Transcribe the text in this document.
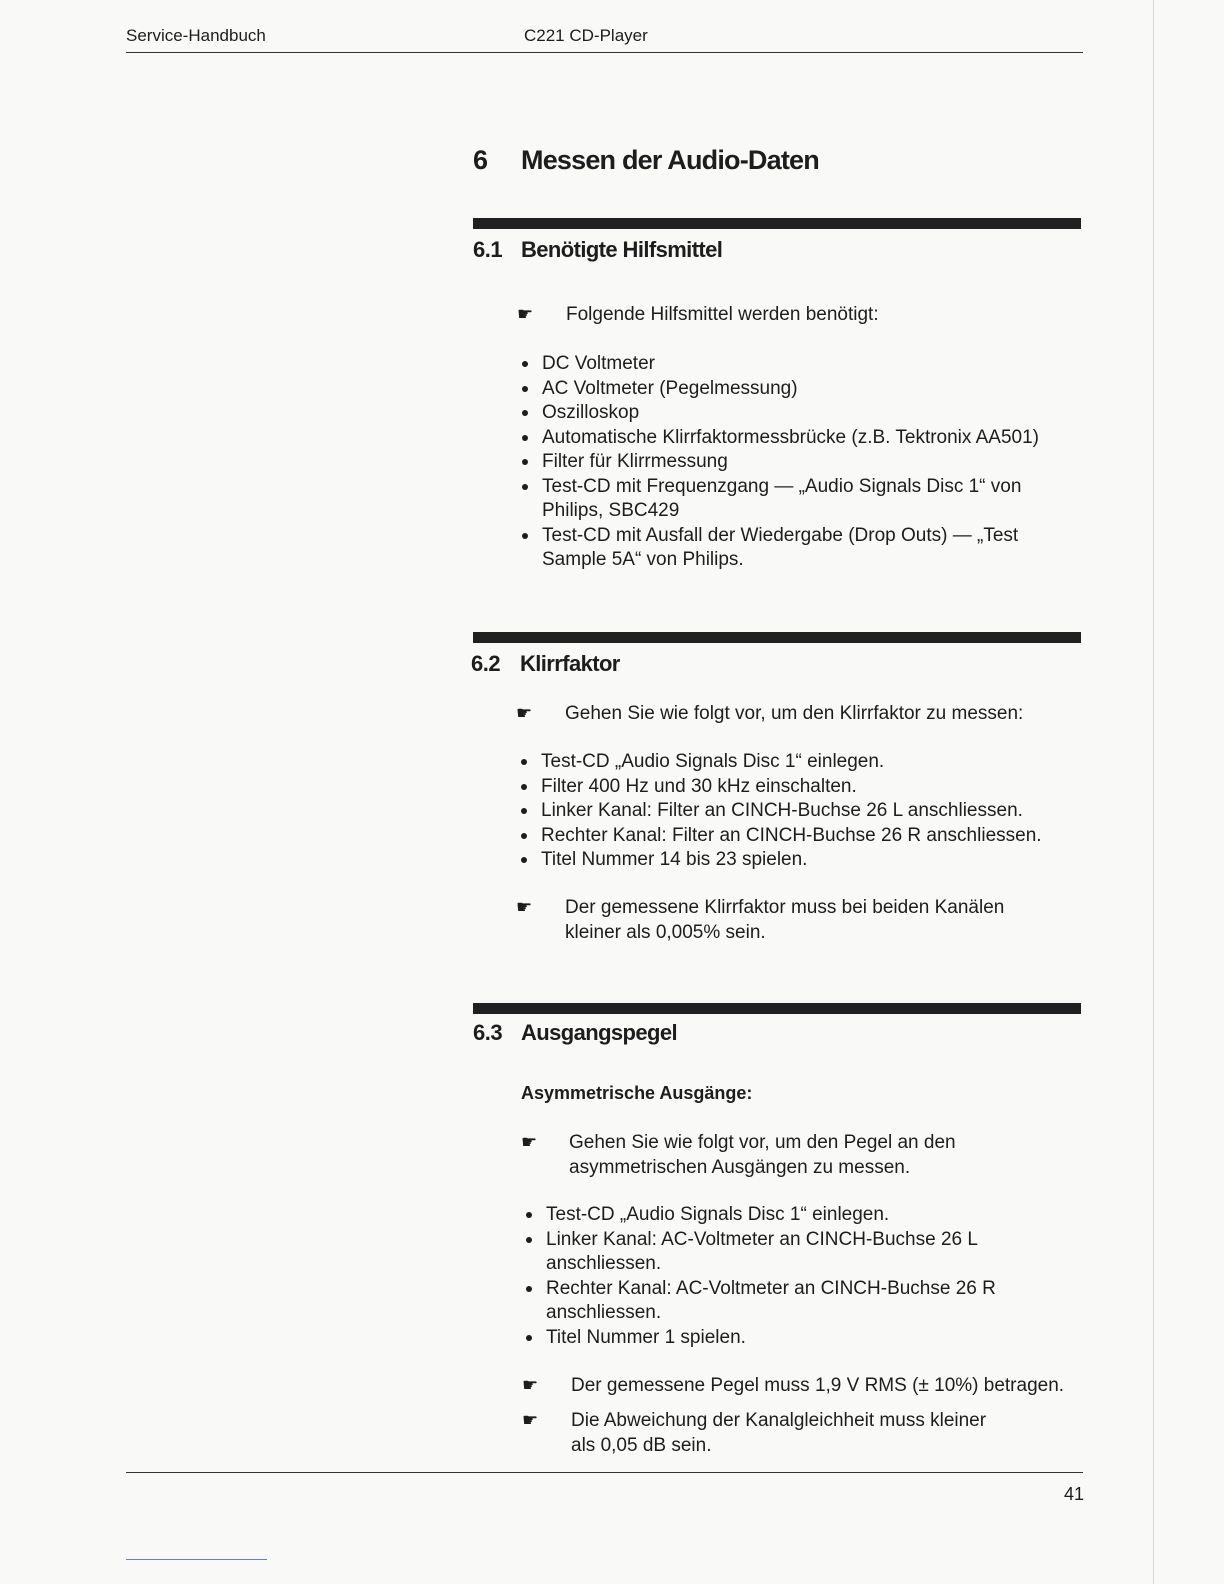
Service-Handbuch	C221 CD-Player
6 Messen der Audio-Daten
6.1 Benötigte Hilfsmittel
☛	Folgende Hilfsmittel werden benötigt:
DC Voltmeter
AC Voltmeter (Pegelmessung)
Oszilloskop
Automatische Klirrfaktormessbrücke (z.B. Tektronix AA501)
Filter für Klirrmessung
Test-CD mit Frequenzgang — „Audio Signals Disc 1“ von Philips, SBC429
Test-CD mit Ausfall der Wiedergabe (Drop Outs) — „Test Sample 5A“ von Philips.
6.2 Klirrfaktor
☛	Gehen Sie wie folgt vor, um den Klirrfaktor zu messen:
Test-CD „Audio Signals Disc 1“ einlegen.
Filter 400 Hz und 30 kHz einschalten.
Linker Kanal: Filter an CINCH-Buchse 26 L anschliessen.
Rechter Kanal: Filter an CINCH-Buchse 26 R anschliessen.
Titel Nummer 14 bis 23 spielen.
☛	Der gemessene Klirrfaktor muss bei beiden Kanälen kleiner als 0,005% sein.
6.3 Ausgangspegel
Asymmetrische Ausgänge:
☛	Gehen Sie wie folgt vor, um den Pegel an den asymmetrischen Ausgängen zu messen.
Test-CD „Audio Signals Disc 1“ einlegen.
Linker Kanal: AC-Voltmeter an CINCH-Buchse 26 L anschliessen.
Rechter Kanal: AC-Voltmeter an CINCH-Buchse 26 R anschliessen.
Titel Nummer 1 spielen.
☛	Der gemessene Pegel muss 1,9 V RMS (± 10%) betragen.
☛	Die Abweichung der Kanalgleichheit muss kleiner als 0,05 dB sein.
41
